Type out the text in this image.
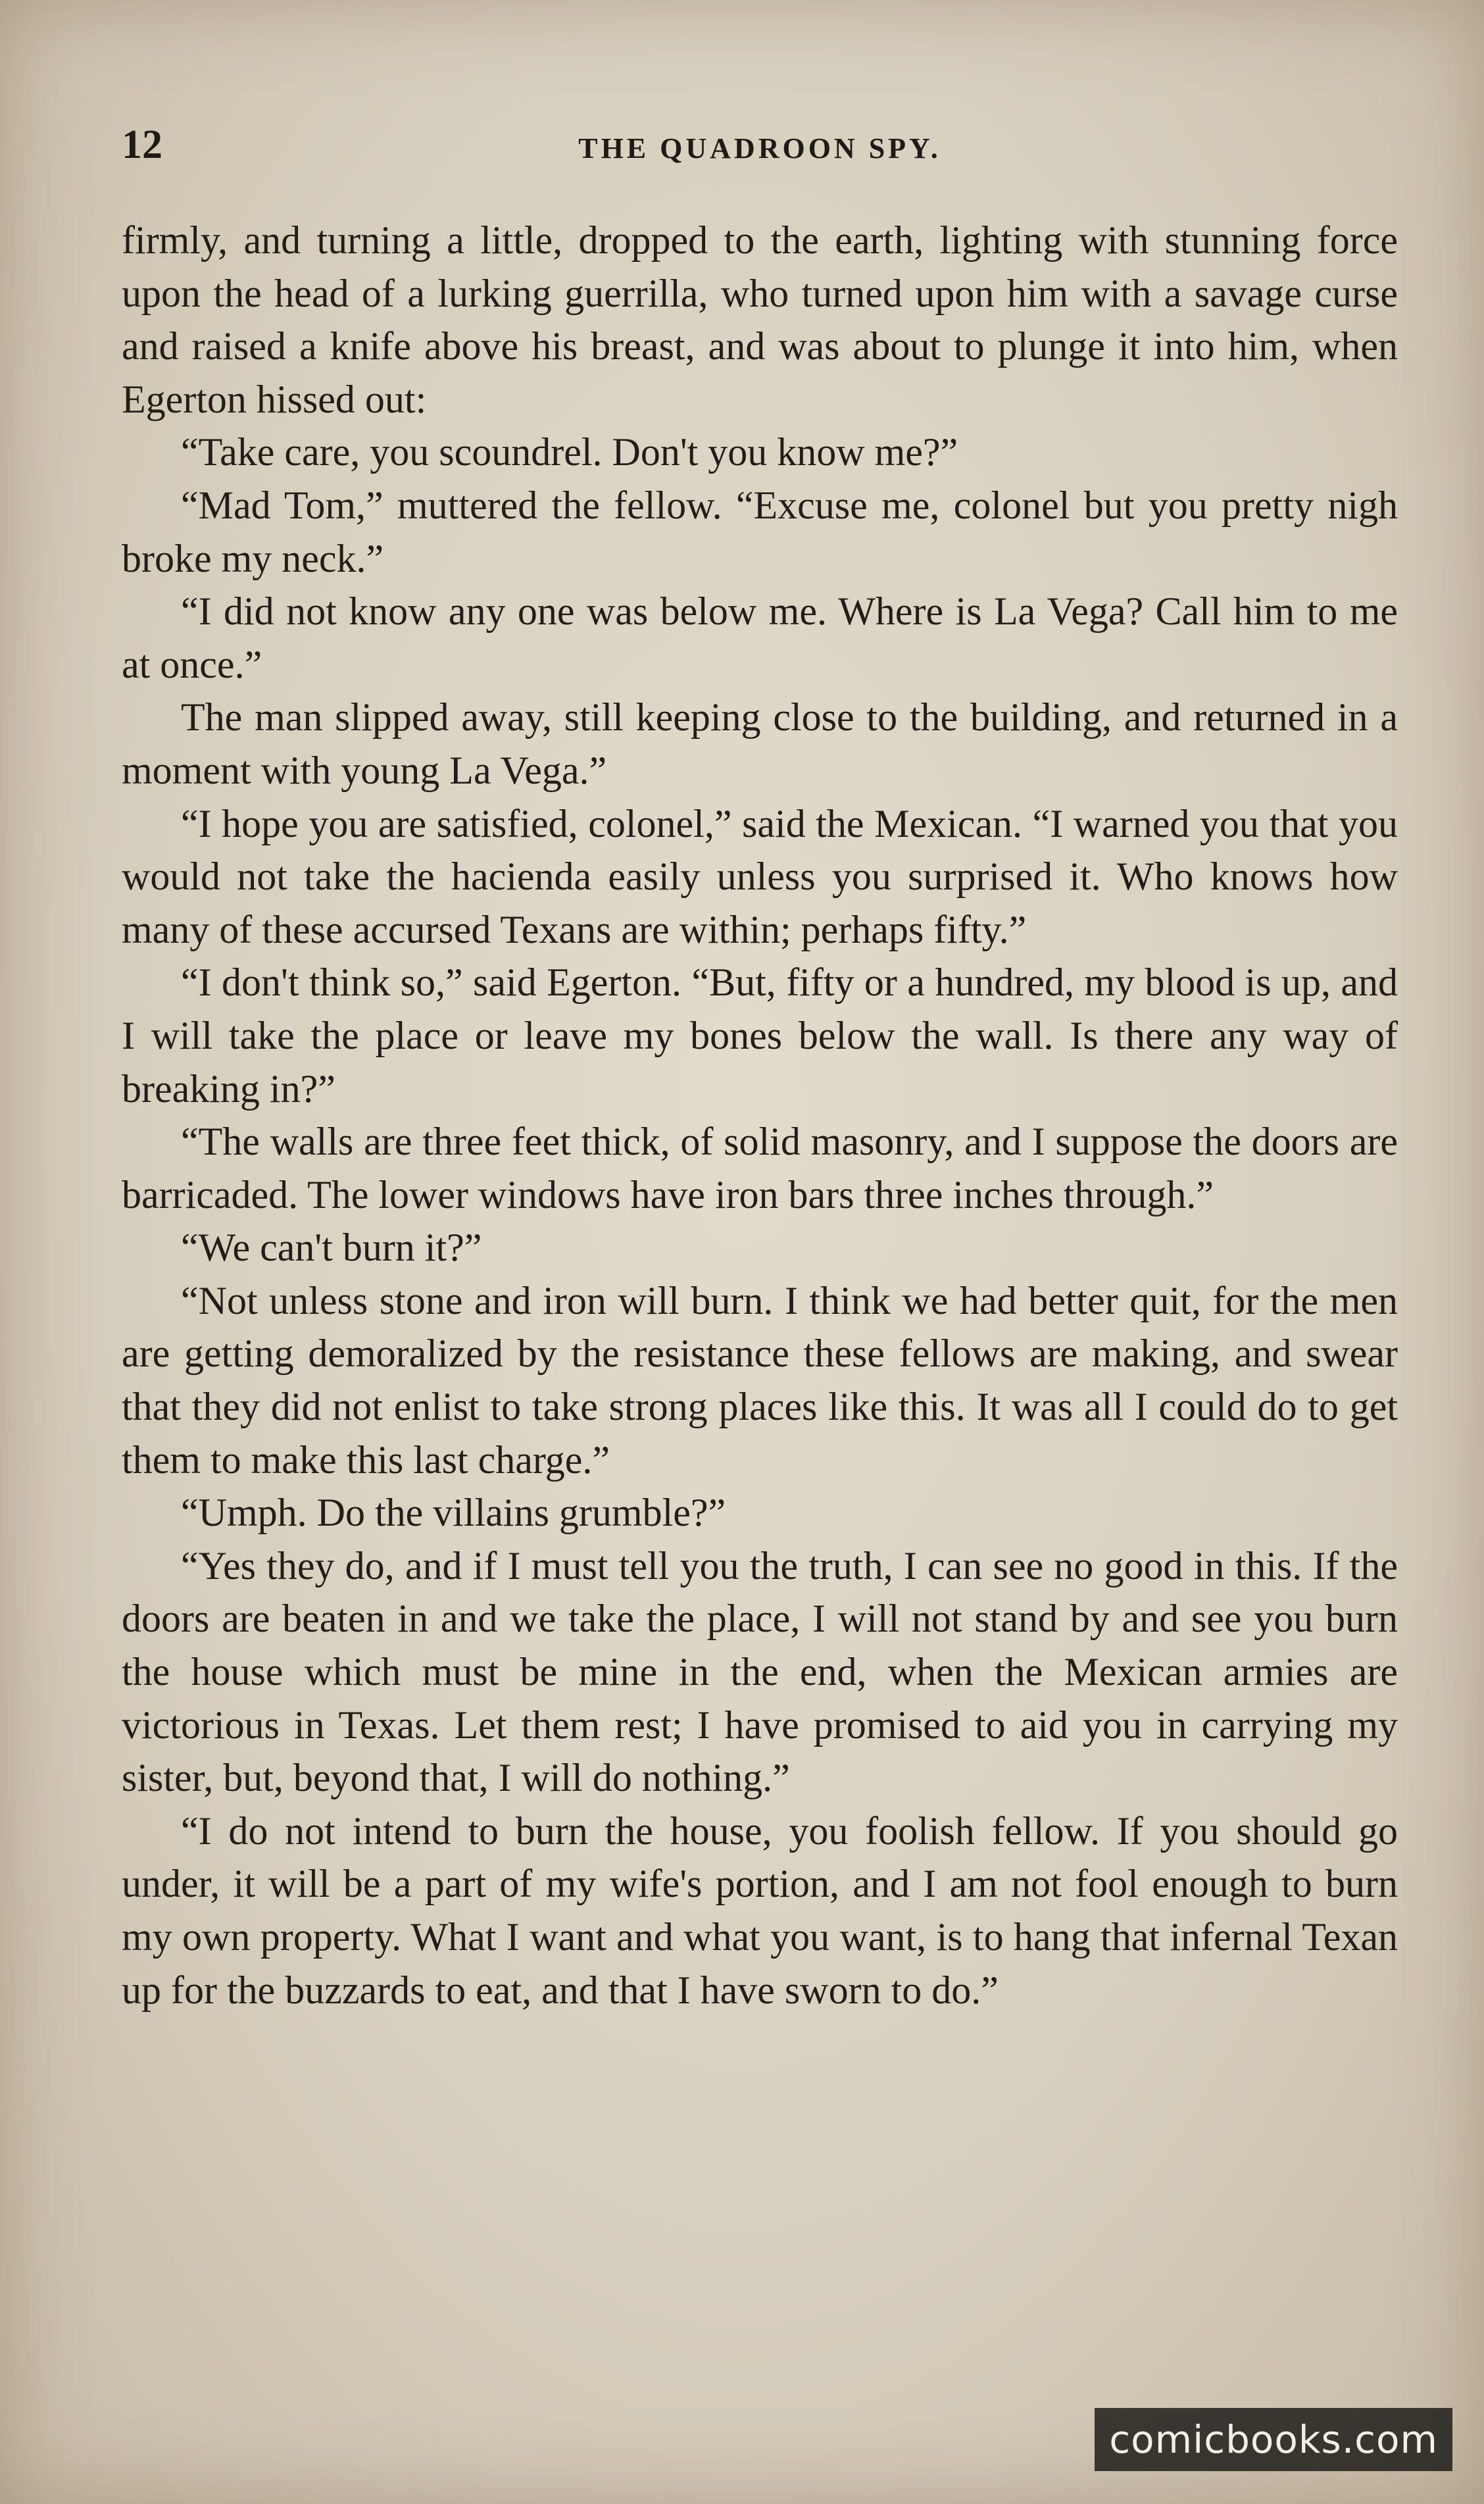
12	THE QUADROON SPY.

firmly, and turning a little, dropped to the earth, lighting with stunning force upon the head of a lurking guerrilla, who turned upon him with a savage curse and raised a knife above his breast, and was about to plunge it into him, when Egerton hissed out:

“Take care, you scoundrel. Don't you know me?”

“Mad Tom,” muttered the fellow. “Excuse me, colonel but you pretty nigh broke my neck.”

“I did not know any one was below me. Where is La Vega? Call him to me at once.”

The man slipped away, still keeping close to the building, and returned in a moment with young La Vega.”

“I hope you are satisfied, colonel,” said the Mexican. “I warned you that you would not take the hacienda easily unless you surprised it. Who knows how many of these accursed Texans are within; perhaps fifty.”

“I don't think so,” said Egerton. “But, fifty or a hundred, my blood is up, and I will take the place or leave my bones below the wall. Is there any way of breaking in?”

“The walls are three feet thick, of solid masonry, and I suppose the doors are barricaded. The lower windows have iron bars three inches through.”

“We can't burn it?”

“Not unless stone and iron will burn. I think we had better quit, for the men are getting demoralized by the resistance these fellows are making, and swear that they did not enlist to take strong places like this. It was all I could do to get them to make this last charge.”

“Umph. Do the villains grumble?”

“Yes they do, and if I must tell you the truth, I can see no good in this. If the doors are beaten in and we take the place, I will not stand by and see you burn the house which must be mine in the end, when the Mexican armies are victorious in Texas. Let them rest; I have promised to aid you in carrying my sister, but, beyond that, I will do nothing.”

“I do not intend to burn the house, you foolish fellow. If you should go under, it will be a part of my wife's portion, and I am not fool enough to burn my own property. What I want and what you want, is to hang that infernal Texan up for the buzzards to eat, and that I have sworn to do.”

comicbooks.com
